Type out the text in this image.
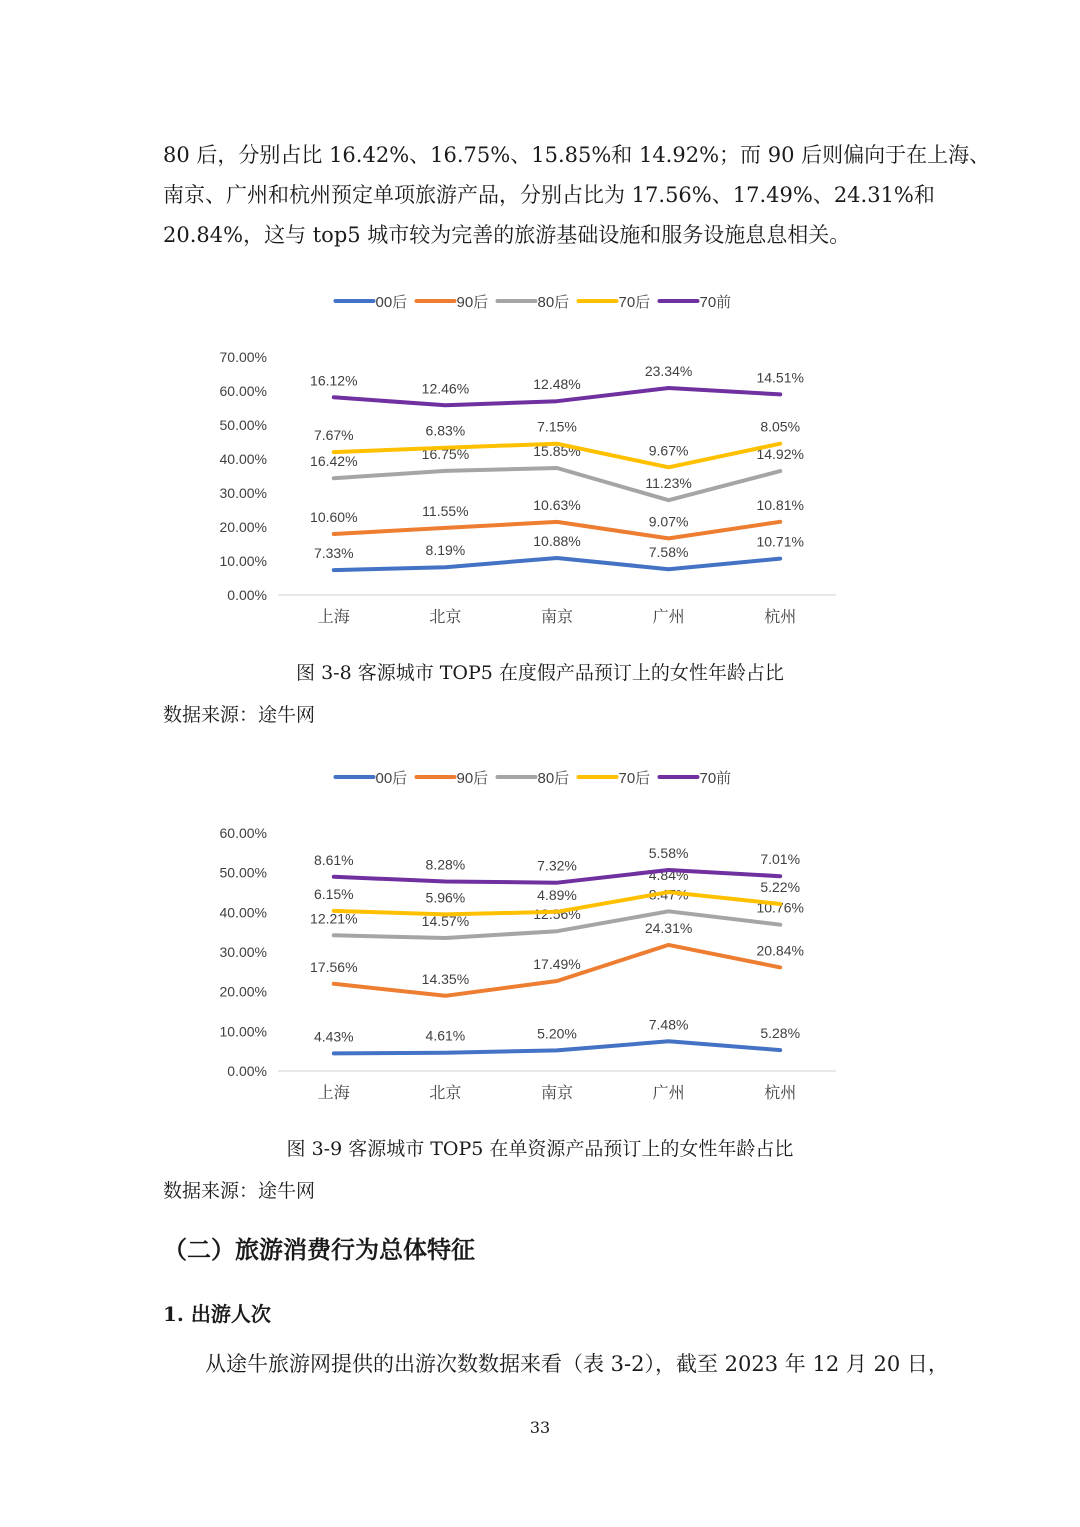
80 后，分别占比 16.42%、16.75%、15.85%和 14.92%；而 90 后则偏向于在上海、
南京、广州和杭州预定单项旅游产品，分别占比为 17.56%、17.49%、24.31%和
20.84%，这与 top5 城市较为完善的旅游基础设施和服务设施息息相关。

00后	90后	80后	70后	70前
0.00%
10.00%
20.00%
30.00%
40.00%
50.00%
60.00%
70.00%
上海	北京	南京	广州	杭州
7.33%	8.19%
10.88%
7.58%
10.71%
10.60%	11.55%	10.63%
9.07%
10.81%
16.42%	16.75%	15.85%
11.23%
14.92%
7.67%	6.83%	7.15%
9.67%
8.05%
16.12%
12.46%	12.48%
23.34%	14.51%
图 3-8 客源城市 TOP5 在度假产品预订上的女性年龄占比
数据来源：途牛网
00后	90后	80后	70后	70前
0.00%
10.00%
20.00%
30.00%
40.00%
50.00%
60.00%
上海	北京	南京	广州	杭州
4.43%	4.61%	5.20%
7.48%
5.28%
17.56%
14.35%
17.49%
24.31%
20.84%
12.21%	14.57%	12.56%
8.47%
10.76%
6.15%	5.96%	4.89%
4.84%
5.22%
8.61%	8.28%	7.32%
5.58%	7.01%
图 3-9 客源城市 TOP5 在单资源产品预订上的女性年龄占比
数据来源：途牛网
（二）旅游消费行为总体特征
1. 出游人次
从途牛旅游网提供的出游次数数据来看（表 3-2），截至 2023 年 12 月 20 日，
33
